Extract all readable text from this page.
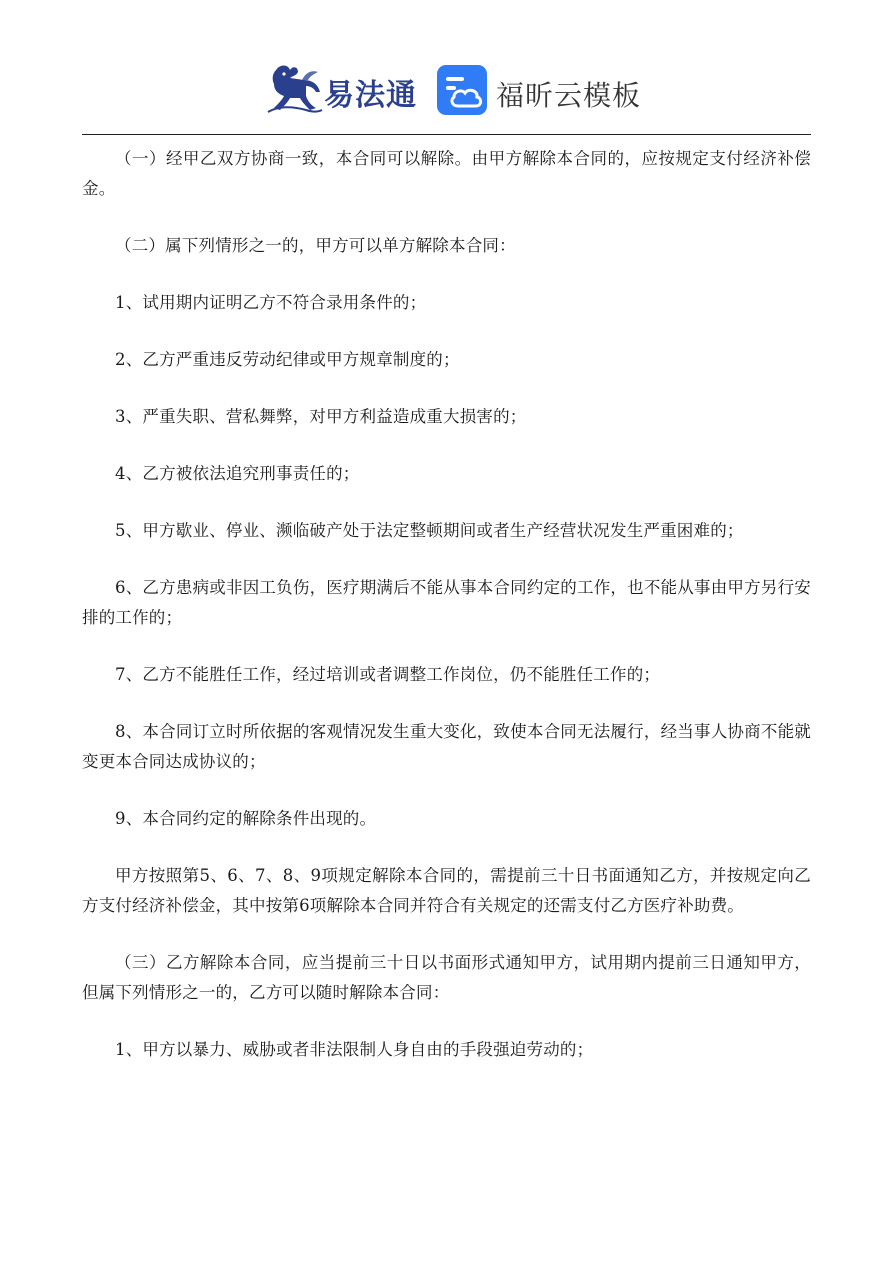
易法通	福昕云模板

（一）经甲乙双方协商一致，本合同可以解除。由甲方解除本合同的，应按规定支付经济补偿金。

（二）属下列情形之一的，甲方可以单方解除本合同：

1、试用期内证明乙方不符合录用条件的；

2、乙方严重违反劳动纪律或甲方规章制度的；

3、严重失职、营私舞弊，对甲方利益造成重大损害的；

4、乙方被依法追究刑事责任的；

5、甲方歇业、停业、濒临破产处于法定整顿期间或者生产经营状况发生严重困难的；

6、乙方患病或非因工负伤，医疗期满后不能从事本合同约定的工作，也不能从事由甲方另行安排的工作的；

7、乙方不能胜任工作，经过培训或者调整工作岗位，仍不能胜任工作的；

8、本合同订立时所依据的客观情况发生重大变化，致使本合同无法履行，经当事人协商不能就变更本合同达成协议的；

9、本合同约定的解除条件出现的。

甲方按照第5、6、7、8、9项规定解除本合同的，需提前三十日书面通知乙方，并按规定向乙方支付经济补偿金，其中按第6项解除本合同并符合有关规定的还需支付乙方医疗补助费。

（三）乙方解除本合同，应当提前三十日以书面形式通知甲方，试用期内提前三日通知甲方，但属下列情形之一的，乙方可以随时解除本合同：

1、甲方以暴力、威胁或者非法限制人身自由的手段强迫劳动的；
